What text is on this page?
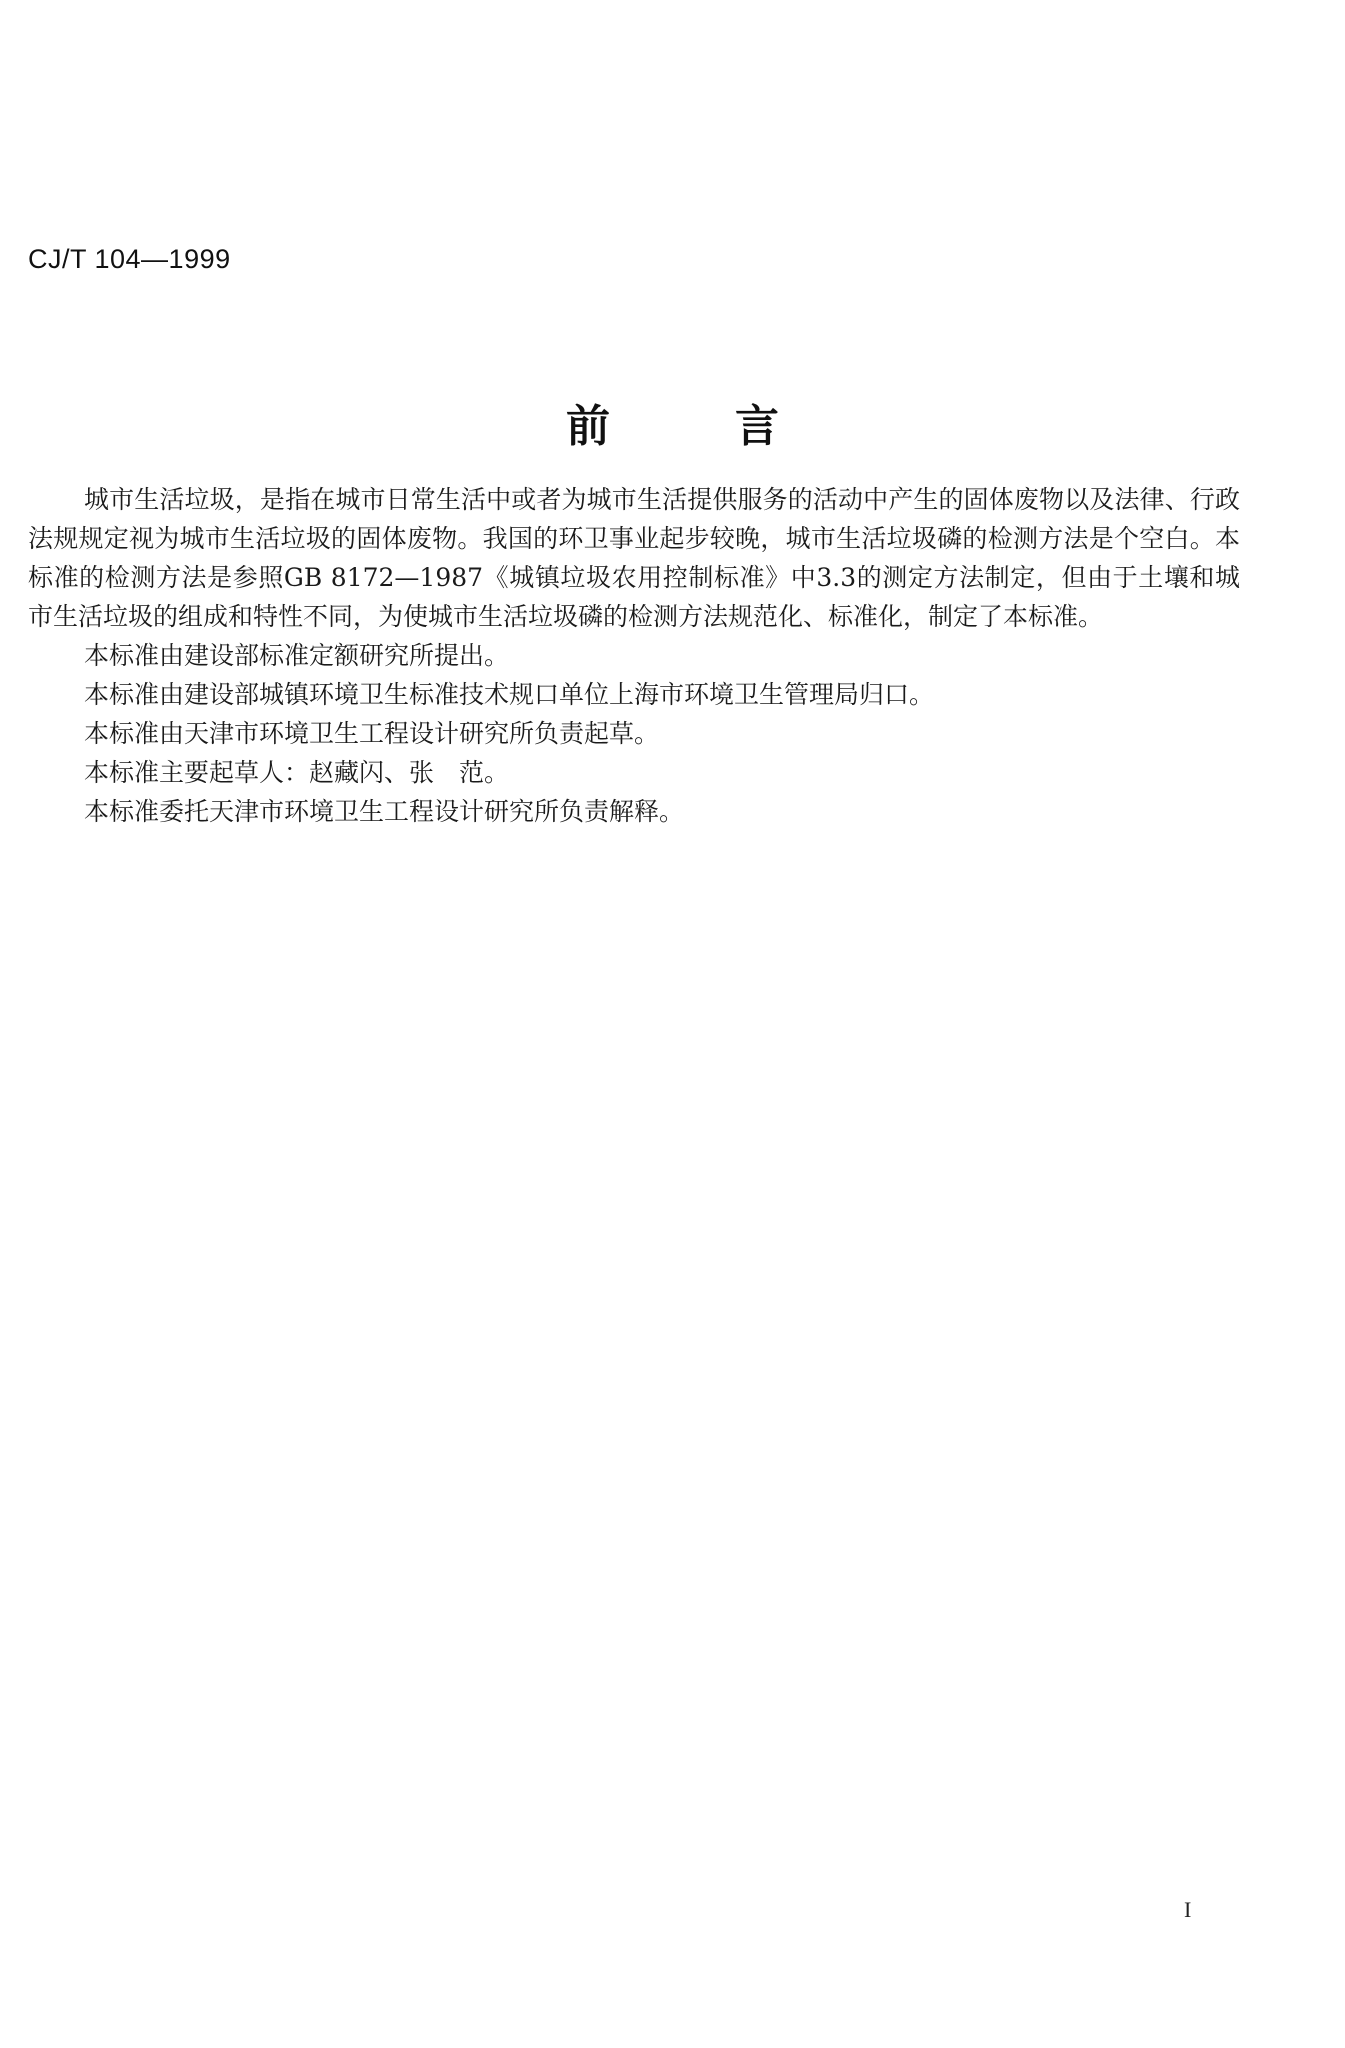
CJ/T 104—1999
前	言

城市生活垃圾，是指在城市日常生活中或者为城市生活提供服务的活动中产生的固体废物以及法律、行政法规规定视为城市生活垃圾的固体废物。我国的环卫事业起步较晚，城市生活垃圾磷的检测方法是个空白。本标准的检测方法是参照GB 8172—1987《城镇垃圾农用控制标准》中3.3的测定方法制定，但由于土壤和城市生活垃圾的组成和特性不同，为使城市生活垃圾磷的检测方法规范化、标准化，制定了本标准。

本标准由建设部标准定额研究所提出。

本标准由建设部城镇环境卫生标准技术规口单位上海市环境卫生管理局归口。

本标准由天津市环境卫生工程设计研究所负责起草。

本标准主要起草人：赵藏闪、张　范。

本标准委托天津市环境卫生工程设计研究所负责解释。

I
